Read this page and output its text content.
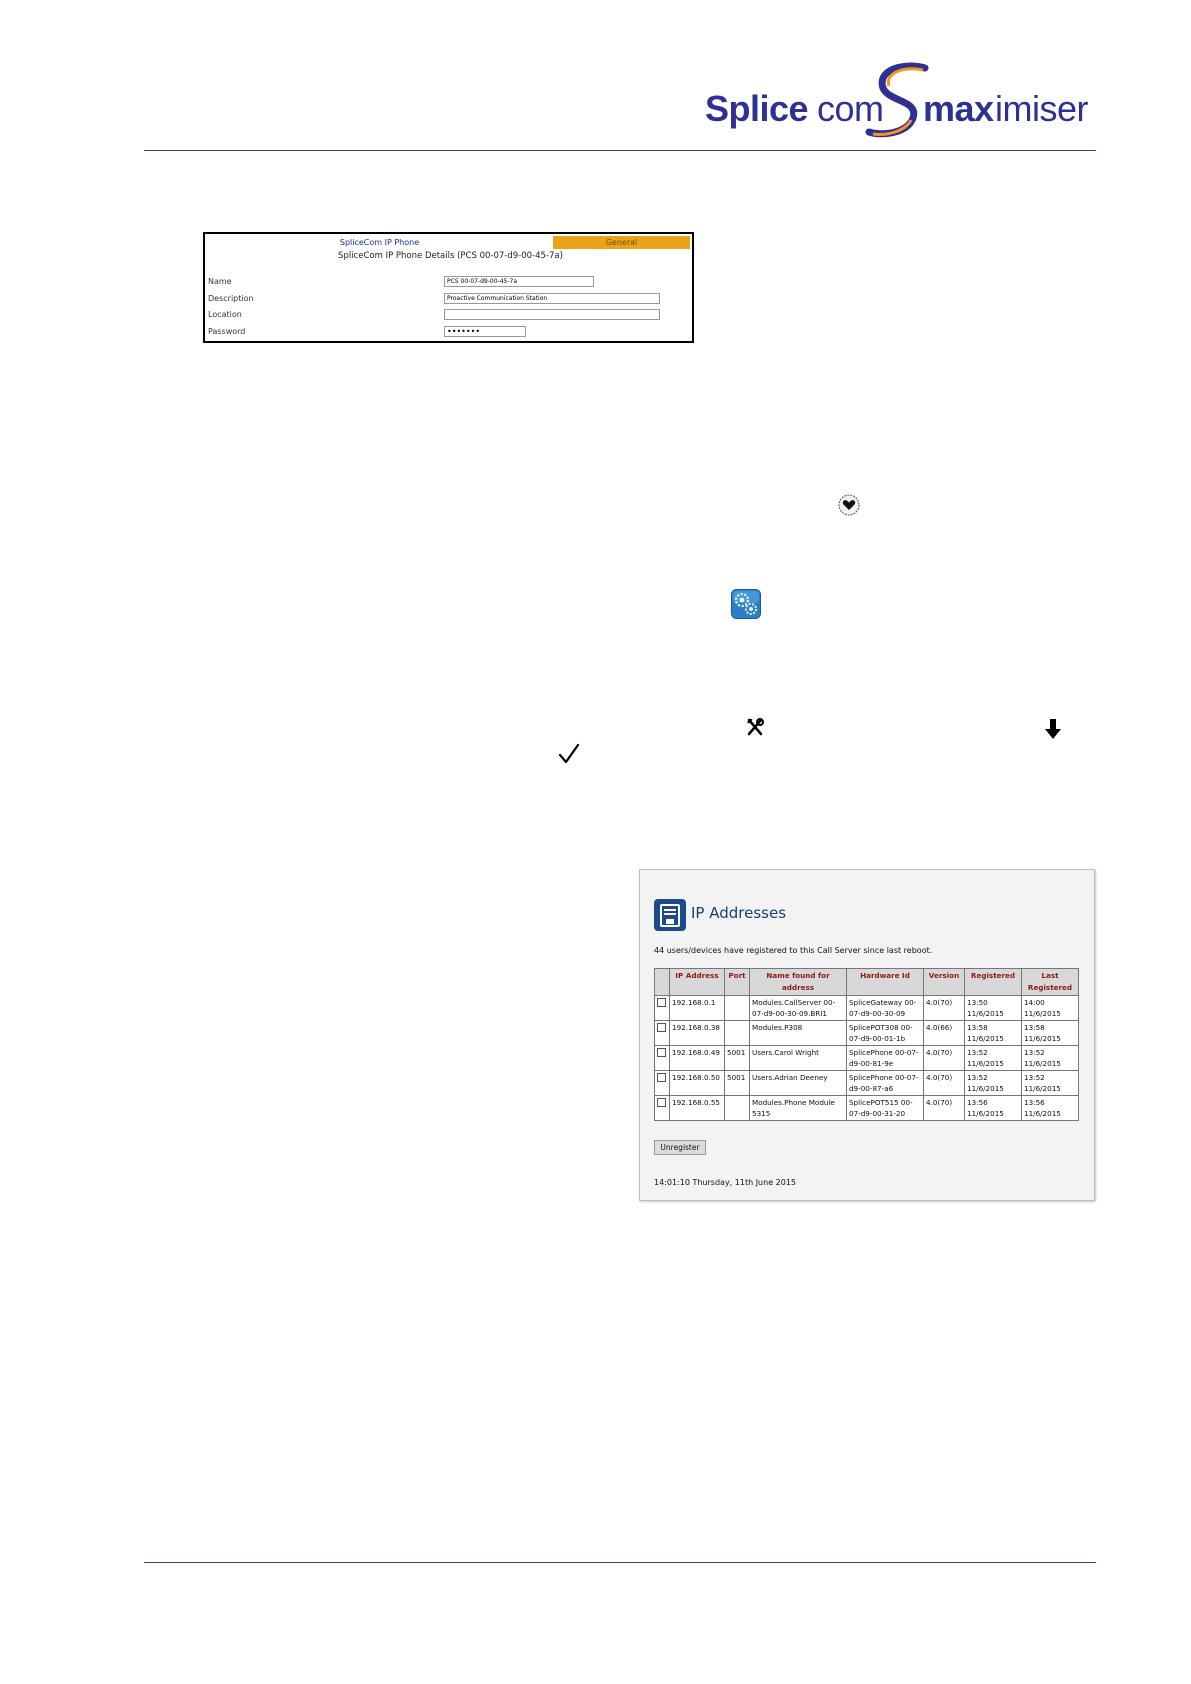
Splice com max imiser
SpliceCom IP Phone	General
SpliceCom IP Phone Details (PCS 00-07-d9-00-45-7a)
Name	PCS 00-07-d9-00-45-7a
Description	Proactive Communication Station
Location
Password	•••••••
IP Addresses
44 users/devices have registered to this Call Server since last reboot.
	IP Address	Port	Name found for address	Hardware Id	Version	Registered	Last Registered
	192.168.0.1		Modules.CallServer 00-07-d9-00-30-09.BRI1	SpliceGateway 00-07-d9-00-30-09	4.0(70)	13:50 11/6/2015	14:00 11/6/2015
	192.168.0.38		Modules.P308	SplicePOT308 00-07-d9-00-01-1b	4.0(66)	13:58 11/6/2015	13:58 11/6/2015
	192.168.0.49	5001	Users.Carol Wright	SplicePhone 00-07-d9-00-81-9e	4.0(70)	13:52 11/6/2015	13:52 11/6/2015
	192.168.0.50	5001	Users.Adrian Deeney	SplicePhone 00-07-d9-00-87-a6	4.0(70)	13:52 11/6/2015	13:52 11/6/2015
	192.168.0.55		Modules.Phone Module 5315	SplicePOT515 00-07-d9-00-31-20	4.0(70)	13:56 11/6/2015	13:56 11/6/2015
Unregister
14:01:10 Thursday, 11th June 2015
